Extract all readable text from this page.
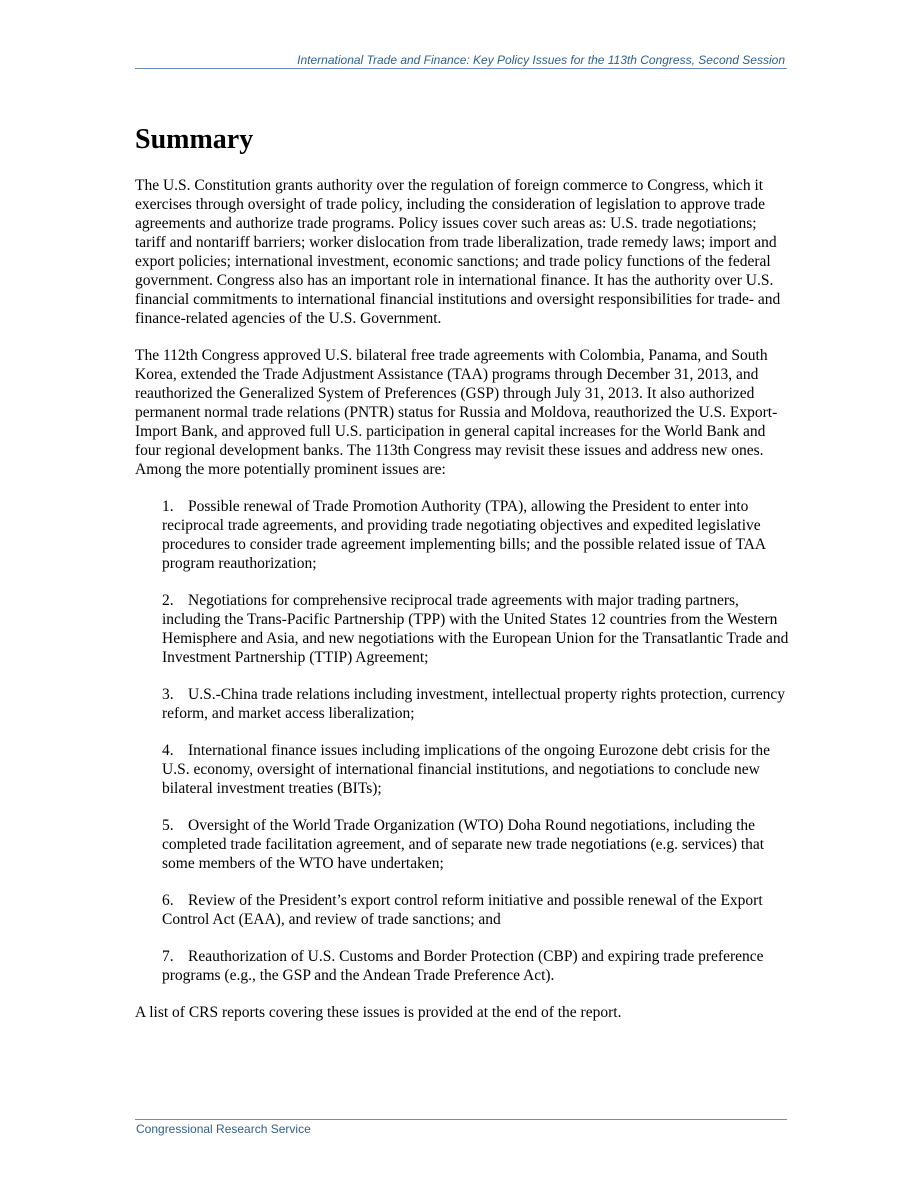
International Trade and Finance: Key Policy Issues for the 113th Congress, Second Session
Summary

The U.S. Constitution grants authority over the regulation of foreign commerce to Congress, which it exercises through oversight of trade policy, including the consideration of legislation to approve trade agreements and authorize trade programs. Policy issues cover such areas as: U.S. trade negotiations; tariff and nontariff barriers; worker dislocation from trade liberalization, trade remedy laws; import and export policies; international investment, economic sanctions; and trade policy functions of the federal government. Congress also has an important role in international finance. It has the authority over U.S. financial commitments to international financial institutions and oversight responsibilities for trade- and finance-related agencies of the U.S. Government.

The 112th Congress approved U.S. bilateral free trade agreements with Colombia, Panama, and South Korea, extended the Trade Adjustment Assistance (TAA) programs through December 31, 2013, and reauthorized the Generalized System of Preferences (GSP) through July 31, 2013. It also authorized permanent normal trade relations (PNTR) status for Russia and Moldova, reauthorized the U.S. Export-Import Bank, and approved full U.S. participation in general capital increases for the World Bank and four regional development banks. The 113th Congress may revisit these issues and address new ones. Among the more potentially prominent issues are:

1. Possible renewal of Trade Promotion Authority (TPA), allowing the President to enter into reciprocal trade agreements, and providing trade negotiating objectives and expedited legislative procedures to consider trade agreement implementing bills; and the possible related issue of TAA program reauthorization;
2. Negotiations for comprehensive reciprocal trade agreements with major trading partners, including the Trans-Pacific Partnership (TPP) with the United States 12 countries from the Western Hemisphere and Asia, and new negotiations with the European Union for the Transatlantic Trade and Investment Partnership (TTIP) Agreement;
3. U.S.-China trade relations including investment, intellectual property rights protection, currency reform, and market access liberalization;
4. International finance issues including implications of the ongoing Eurozone debt crisis for the U.S. economy, oversight of international financial institutions, and negotiations to conclude new bilateral investment treaties (BITs);
5. Oversight of the World Trade Organization (WTO) Doha Round negotiations, including the completed trade facilitation agreement, and of separate new trade negotiations (e.g. services) that some members of the WTO have undertaken;
6. Review of the President’s export control reform initiative and possible renewal of the Export Control Act (EAA), and review of trade sanctions; and
7. Reauthorization of U.S. Customs and Border Protection (CBP) and expiring trade preference programs (e.g., the GSP and the Andean Trade Preference Act).

A list of CRS reports covering these issues is provided at the end of the report.

Congressional Research Service
